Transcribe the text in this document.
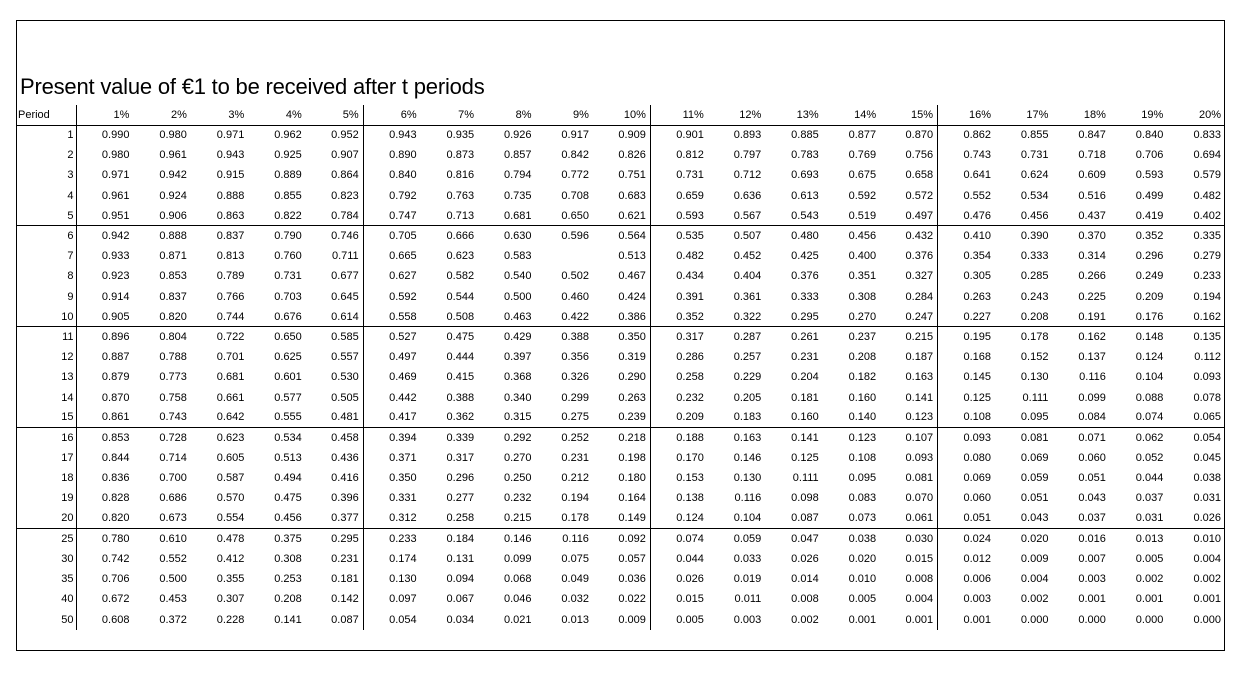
Present value of €1 to be received after t periods
Period	1%	2%	3%	4%	5%	6%	7%	8%	9%	10%	11%	12%	13%	14%	15%	16%	17%	18%	19%	20%
1	0.990	0.980	0.971	0.962	0.952	0.943	0.935	0.926	0.917	0.909	0.901	0.893	0.885	0.877	0.870	0.862	0.855	0.847	0.840	0.833
2	0.980	0.961	0.943	0.925	0.907	0.890	0.873	0.857	0.842	0.826	0.812	0.797	0.783	0.769	0.756	0.743	0.731	0.718	0.706	0.694
3	0.971	0.942	0.915	0.889	0.864	0.840	0.816	0.794	0.772	0.751	0.731	0.712	0.693	0.675	0.658	0.641	0.624	0.609	0.593	0.579
4	0.961	0.924	0.888	0.855	0.823	0.792	0.763	0.735	0.708	0.683	0.659	0.636	0.613	0.592	0.572	0.552	0.534	0.516	0.499	0.482
5	0.951	0.906	0.863	0.822	0.784	0.747	0.713	0.681	0.650	0.621	0.593	0.567	0.543	0.519	0.497	0.476	0.456	0.437	0.419	0.402
6	0.942	0.888	0.837	0.790	0.746	0.705	0.666	0.630	0.596	0.564	0.535	0.507	0.480	0.456	0.432	0.410	0.390	0.370	0.352	0.335
7	0.933	0.871	0.813	0.760	0.711	0.665	0.623	0.583		0.513	0.482	0.452	0.425	0.400	0.376	0.354	0.333	0.314	0.296	0.279
8	0.923	0.853	0.789	0.731	0.677	0.627	0.582	0.540	0.502	0.467	0.434	0.404	0.376	0.351	0.327	0.305	0.285	0.266	0.249	0.233
9	0.914	0.837	0.766	0.703	0.645	0.592	0.544	0.500	0.460	0.424	0.391	0.361	0.333	0.308	0.284	0.263	0.243	0.225	0.209	0.194
10	0.905	0.820	0.744	0.676	0.614	0.558	0.508	0.463	0.422	0.386	0.352	0.322	0.295	0.270	0.247	0.227	0.208	0.191	0.176	0.162
11	0.896	0.804	0.722	0.650	0.585	0.527	0.475	0.429	0.388	0.350	0.317	0.287	0.261	0.237	0.215	0.195	0.178	0.162	0.148	0.135
12	0.887	0.788	0.701	0.625	0.557	0.497	0.444	0.397	0.356	0.319	0.286	0.257	0.231	0.208	0.187	0.168	0.152	0.137	0.124	0.112
13	0.879	0.773	0.681	0.601	0.530	0.469	0.415	0.368	0.326	0.290	0.258	0.229	0.204	0.182	0.163	0.145	0.130	0.116	0.104	0.093
14	0.870	0.758	0.661	0.577	0.505	0.442	0.388	0.340	0.299	0.263	0.232	0.205	0.181	0.160	0.141	0.125	0.111	0.099	0.088	0.078
15	0.861	0.743	0.642	0.555	0.481	0.417	0.362	0.315	0.275	0.239	0.209	0.183	0.160	0.140	0.123	0.108	0.095	0.084	0.074	0.065
16	0.853	0.728	0.623	0.534	0.458	0.394	0.339	0.292	0.252	0.218	0.188	0.163	0.141	0.123	0.107	0.093	0.081	0.071	0.062	0.054
17	0.844	0.714	0.605	0.513	0.436	0.371	0.317	0.270	0.231	0.198	0.170	0.146	0.125	0.108	0.093	0.080	0.069	0.060	0.052	0.045
18	0.836	0.700	0.587	0.494	0.416	0.350	0.296	0.250	0.212	0.180	0.153	0.130	0.111	0.095	0.081	0.069	0.059	0.051	0.044	0.038
19	0.828	0.686	0.570	0.475	0.396	0.331	0.277	0.232	0.194	0.164	0.138	0.116	0.098	0.083	0.070	0.060	0.051	0.043	0.037	0.031
20	0.820	0.673	0.554	0.456	0.377	0.312	0.258	0.215	0.178	0.149	0.124	0.104	0.087	0.073	0.061	0.051	0.043	0.037	0.031	0.026
25	0.780	0.610	0.478	0.375	0.295	0.233	0.184	0.146	0.116	0.092	0.074	0.059	0.047	0.038	0.030	0.024	0.020	0.016	0.013	0.010
30	0.742	0.552	0.412	0.308	0.231	0.174	0.131	0.099	0.075	0.057	0.044	0.033	0.026	0.020	0.015	0.012	0.009	0.007	0.005	0.004
35	0.706	0.500	0.355	0.253	0.181	0.130	0.094	0.068	0.049	0.036	0.026	0.019	0.014	0.010	0.008	0.006	0.004	0.003	0.002	0.002
40	0.672	0.453	0.307	0.208	0.142	0.097	0.067	0.046	0.032	0.022	0.015	0.011	0.008	0.005	0.004	0.003	0.002	0.001	0.001	0.001
50	0.608	0.372	0.228	0.141	0.087	0.054	0.034	0.021	0.013	0.009	0.005	0.003	0.002	0.001	0.001	0.001	0.000	0.000	0.000	0.000
